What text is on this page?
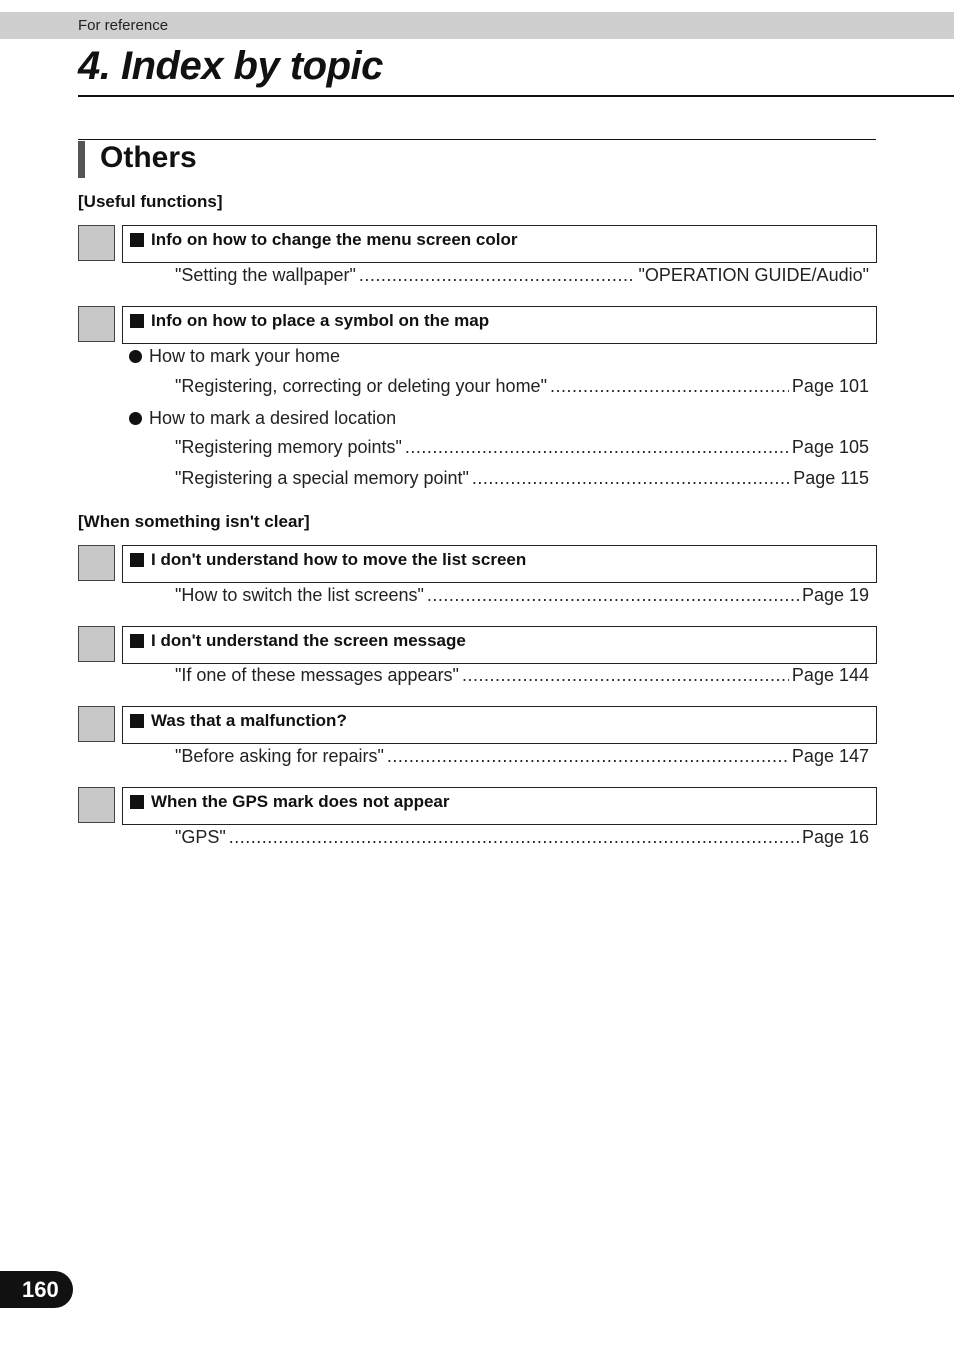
For reference
4. Index by topic
Others
[Useful functions]
Info on how to change the menu screen color
"Setting the wallpaper" .....	"OPERATION GUIDE/Audio"
Info on how to place a symbol on the map
How to mark your home
"Registering, correcting or deleting your home" .....	Page 101
How to mark a desired location
"Registering memory points" .....	Page 105
"Registering a special memory point" .....	Page 115
[When something isn't clear]
I don't understand how to move the list screen
"How to switch the list screens" .....	Page 19
I don't understand the screen message
"If one of these messages appears" .....	Page 144
Was that a malfunction?
"Before asking for repairs" .....	Page 147
When the GPS mark does not appear
"GPS" .....	Page 16
160
